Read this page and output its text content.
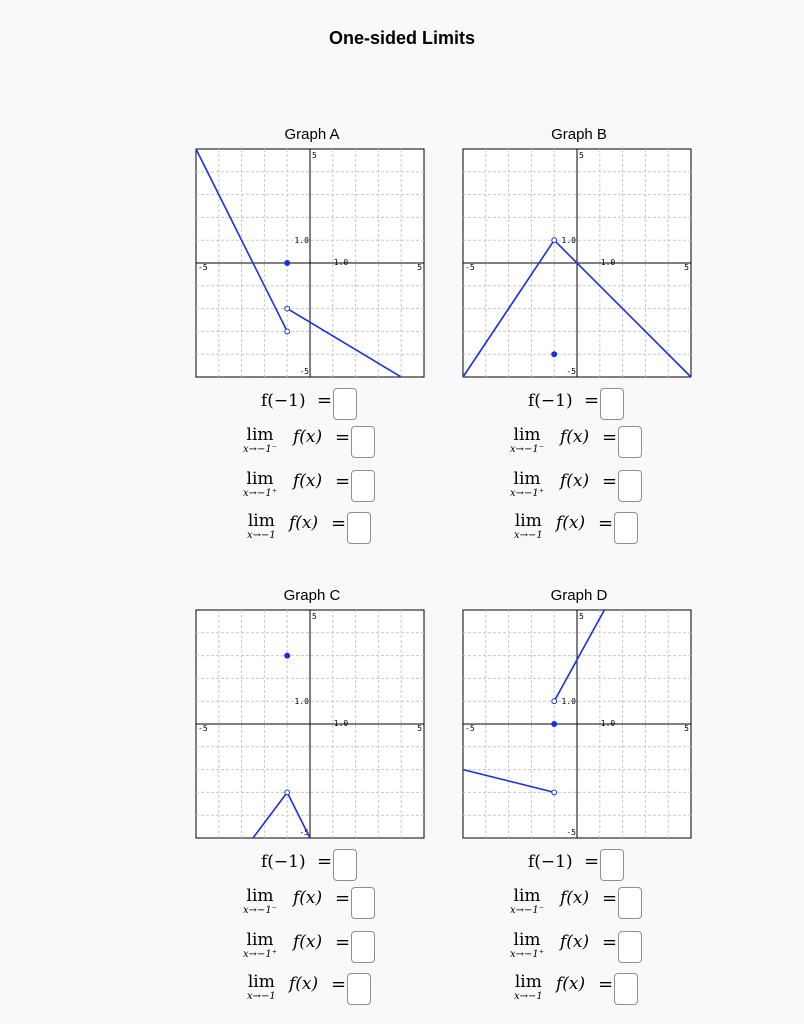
One-sided Limits
Graph A
-5	5
5
-5
1.0
1.0
f(−1) =
lim
x→−1⁻
f(x) =
lim
x→−1⁺
f(x) =
lim
x→−1
f(x) =
Graph B
-5	5
5
-5
1.0
1.0
f(−1) =
lim
x→−1⁻
f(x) =
lim
x→−1⁺
f(x) =
lim
x→−1
f(x) =
Graph C
-5	5
5
-5
1.0
1.0
f(−1) =
lim
x→−1⁻
f(x) =
lim
x→−1⁺
f(x) =
lim
x→−1
f(x) =
Graph D
-5	5
5
-5
1.0
1.0
f(−1) =
lim
x→−1⁻
f(x) =
lim
x→−1⁺
f(x) =
lim
x→−1
f(x) =
